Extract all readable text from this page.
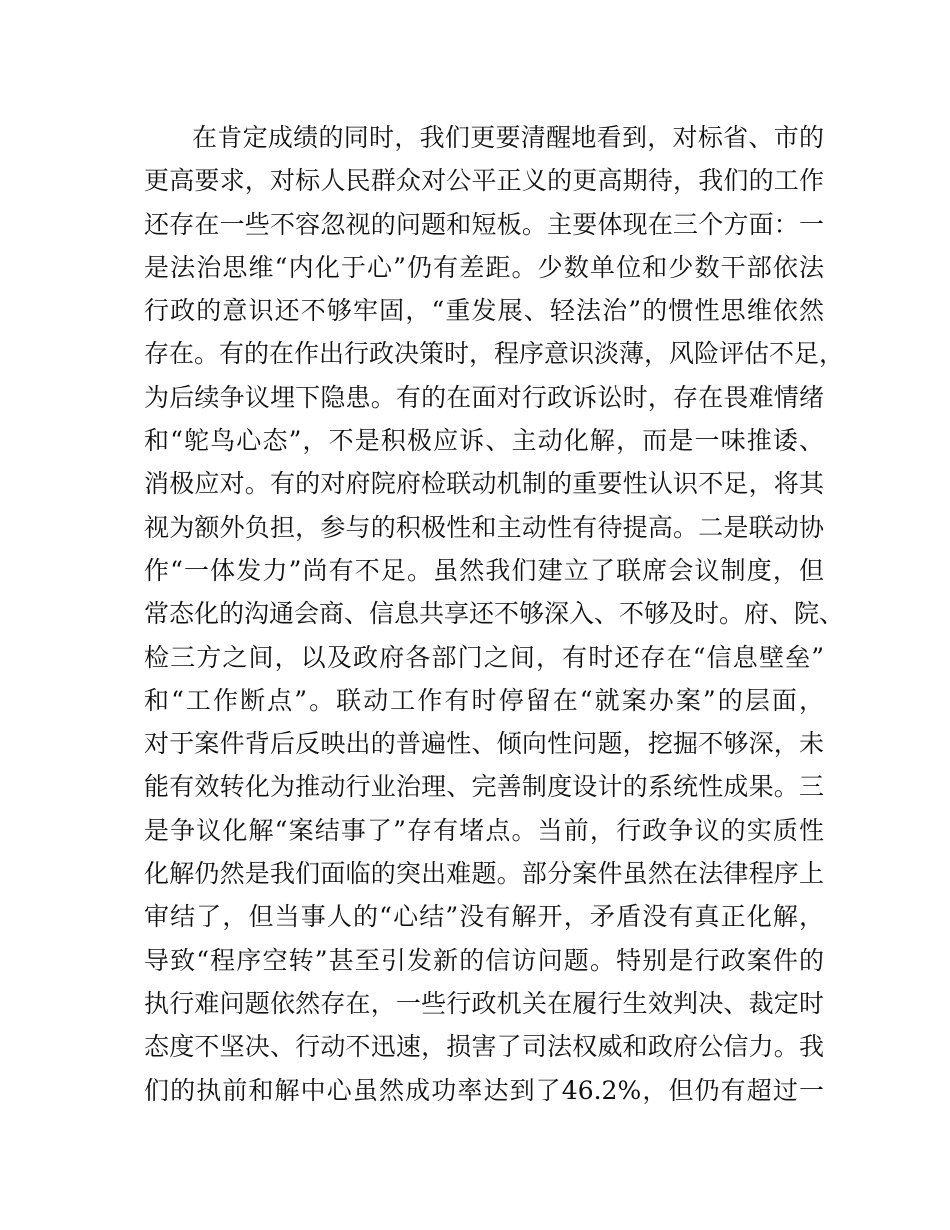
在肯定成绩的同时，我们更要清醒地看到，对标省、市的
更高要求，对标人民群众对公平正义的更高期待，我们的工作
还存在一些不容忽视的问题和短板。主要体现在三个方面：一
是法治思维“内化于心”仍有差距。少数单位和少数干部依法
行政的意识还不够牢固，“重发展、轻法治”的惯性思维依然
存在。有的在作出行政决策时，程序意识淡薄，风险评估不足，
为后续争议埋下隐患。有的在面对行政诉讼时，存在畏难情绪
和“鸵鸟心态”，不是积极应诉、主动化解，而是一味推诿、
消极应对。有的对府院府检联动机制的重要性认识不足，将其
视为额外负担，参与的积极性和主动性有待提高。二是联动协
作“一体发力”尚有不足。虽然我们建立了联席会议制度，但
常态化的沟通会商、信息共享还不够深入、不够及时。府、院、
检三方之间，以及政府各部门之间，有时还存在“信息壁垒”
和“工作断点”。联动工作有时停留在“就案办案”的层面，
对于案件背后反映出的普遍性、倾向性问题，挖掘不够深，未
能有效转化为推动行业治理、完善制度设计的系统性成果。三
是争议化解“案结事了”存有堵点。当前，行政争议的实质性
化解仍然是我们面临的突出难题。部分案件虽然在法律程序上
审结了，但当事人的“心结”没有解开，矛盾没有真正化解，
导致“程序空转”甚至引发新的信访问题。特别是行政案件的
执行难问题依然存在，一些行政机关在履行生效判决、裁定时
态度不坚决、行动不迅速，损害了司法权威和政府公信力。我
们的执前和解中心虽然成功率达到了46.2%，但仍有超过一
